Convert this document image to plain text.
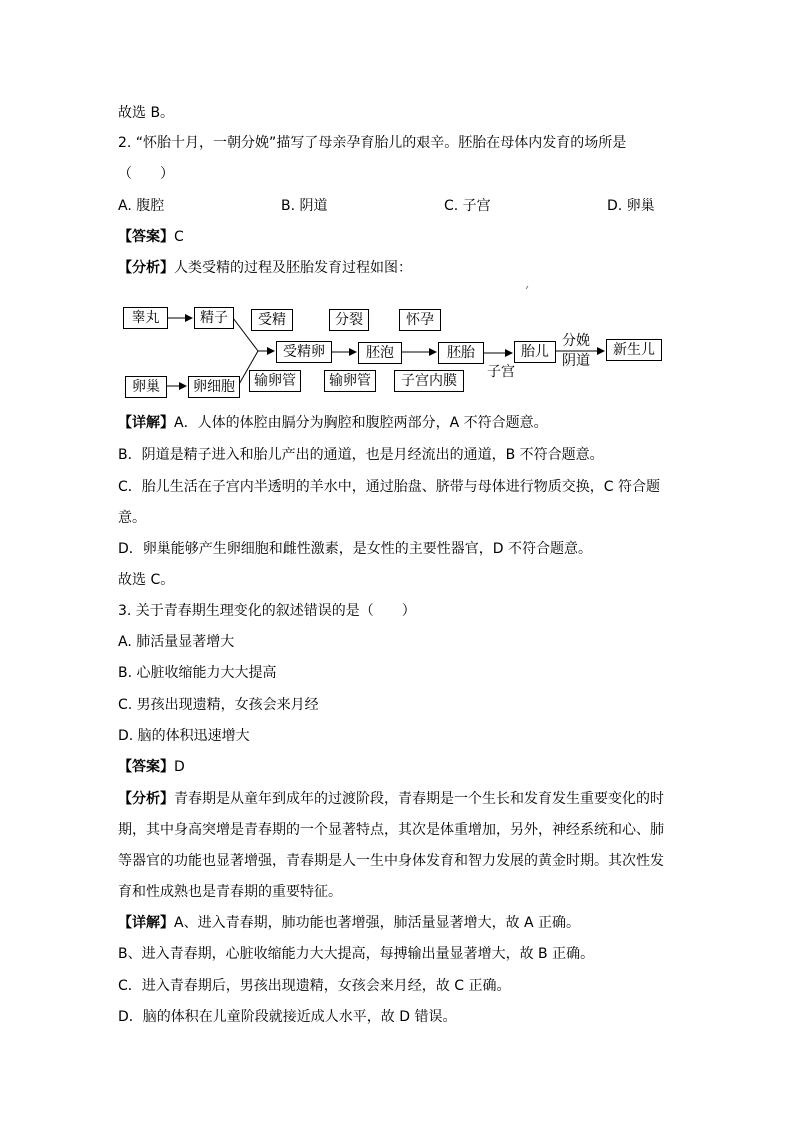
故选 B。
2. “怀胎十月，一朝分娩”描写了母亲孕育胎儿的艰辛。胚胎在母体内发育的场所是
（　　）
A. 腹腔	B. 阴道	C. 子宫	D. 卵巢
【答案】C
【分析】人类受精的过程及胚胎发育过程如图：
睾丸	精子	受精	分裂	怀孕
受精卵	胚泡	胚胎	胎儿	新生儿
输卵管	输卵管	子宫内膜
卵巢	卵细胞
子宫
分娩
阴道
【详解】A．人体的体腔由膈分为胸腔和腹腔两部分，A 不符合题意。
B．阴道是精子进入和胎儿产出的通道，也是月经流出的通道，B 不符合题意。
C．胎儿生活在子宫内半透明的羊水中，通过胎盘、脐带与母体进行物质交换，C 符合题
意。
D．卵巢能够产生卵细胞和雌性激素，是女性的主要性器官，D 不符合题意。
故选 C。
3. 关于青春期生理变化的叙述错误的是（　　）
A. 肺活量显著增大
B. 心脏收缩能力大大提高
C. 男孩出现遗精，女孩会来月经
D. 脑的体积迅速增大
【答案】D
【分析】青春期是从童年到成年的过渡阶段，青春期是一个生长和发育发生重要变化的时
期，其中身高突增是青春期的一个显著特点，其次是体重增加，另外，神经系统和心、肺
等器官的功能也显著增强，青春期是人一生中身体发育和智力发展的黄金时期。其次性发
育和性成熟也是青春期的重要特征。
【详解】A、进入青春期，肺功能也著增强，肺活量显著增大，故 A 正确。
B、进入青春期，心脏收缩能力大大提高，每搏输出量显著增大，故 B 正确。
C．进入青春期后，男孩出现遗精，女孩会来月经，故 C 正确。
D．脑的体积在儿童阶段就接近成人水平，故 D 错误。
